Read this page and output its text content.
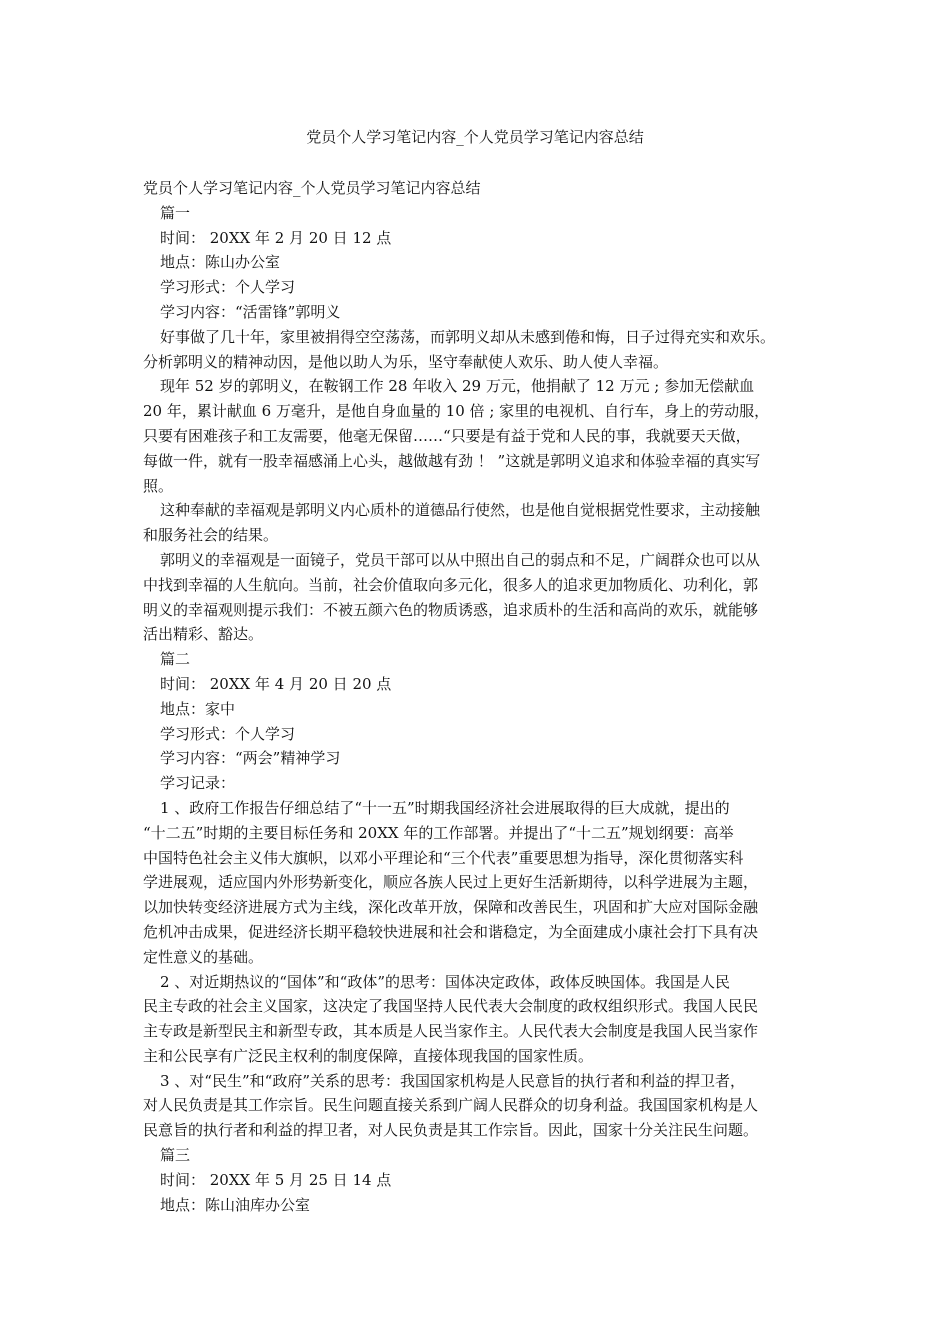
党员个人学习笔记内容_个人党员学习笔记内容总结
党员个人学习笔记内容_个人党员学习笔记内容总结
篇一
时间： 20XX 年 2 月 20 日 12 点
地点：陈山办公室
学习形式：个人学习
学习内容：“活雷锋”郭明义
好事做了几十年，家里被捐得空空荡荡，而郭明义却从未感到倦和悔，日子过得充实和欢乐。
分析郭明义的精神动因，是他以助人为乐，坚守奉献使人欢乐、助人使人幸福。
现年 52 岁的郭明义，在鞍钢工作 28 年收入 29 万元，他捐献了 12 万元 ; 参加无偿献血
20 年，累计献血 6 万毫升，是他自身血量的 10 倍 ; 家里的电视机、自行车，身上的劳动服，
只要有困难孩子和工友需要，他毫无保留……“只要是有益于党和人民的事，我就要天天做，
每做一件，就有一股幸福感涌上心头，越做越有劲 ！ ”这就是郭明义追求和体验幸福的真实写
照。
这种奉献的幸福观是郭明义内心质朴的道德品行使然，也是他自觉根据党性要求，主动接触
和服务社会的结果。
郭明义的幸福观是一面镜子，党员干部可以从中照出自己的弱点和不足，广阔群众也可以从
中找到幸福的人生航向。当前，社会价值取向多元化，很多人的追求更加物质化、功利化，郭
明义的幸福观则提示我们：不被五颜六色的物质诱惑，追求质朴的生活和高尚的欢乐，就能够
活出精彩、豁达。
篇二
时间： 20XX 年 4 月 20 日 20 点
地点：家中
学习形式：个人学习
学习内容：“两会”精神学习
学习记录：
1 、政府工作报告仔细总结了“十一五”时期我国经济社会进展取得的巨大成就，提出的
“十二五”时期的主要目标任务和 20XX 年的工作部署。并提出了“十二五”规划纲要：高举
中国特色社会主义伟大旗帜，以邓小平理论和“三个代表”重要思想为指导，深化贯彻落实科
学进展观，适应国内外形势新变化，顺应各族人民过上更好生活新期待，以科学进展为主题，
以加快转变经济进展方式为主线，深化改革开放，保障和改善民生，巩固和扩大应对国际金融
危机冲击成果，促进经济长期平稳较快进展和社会和谐稳定，为全面建成小康社会打下具有决
定性意义的基础。
2 、对近期热议的“国体”和“政体”的思考：国体决定政体，政体反映国体。我国是人民
民主专政的社会主义国家，这决定了我国坚持人民代表大会制度的政权组织形式。我国人民民
主专政是新型民主和新型专政，其本质是人民当家作主。人民代表大会制度是我国人民当家作
主和公民享有广泛民主权利的制度保障，直接体现我国的国家性质。
3 、对“民生”和“政府”关系的思考：我国国家机构是人民意旨的执行者和利益的捍卫者，
对人民负责是其工作宗旨。民生问题直接关系到广阔人民群众的切身利益。我国国家机构是人
民意旨的执行者和利益的捍卫者，对人民负责是其工作宗旨。因此，国家十分关注民生问题。
篇三
时间： 20XX 年 5 月 25 日 14 点
地点：陈山油库办公室
